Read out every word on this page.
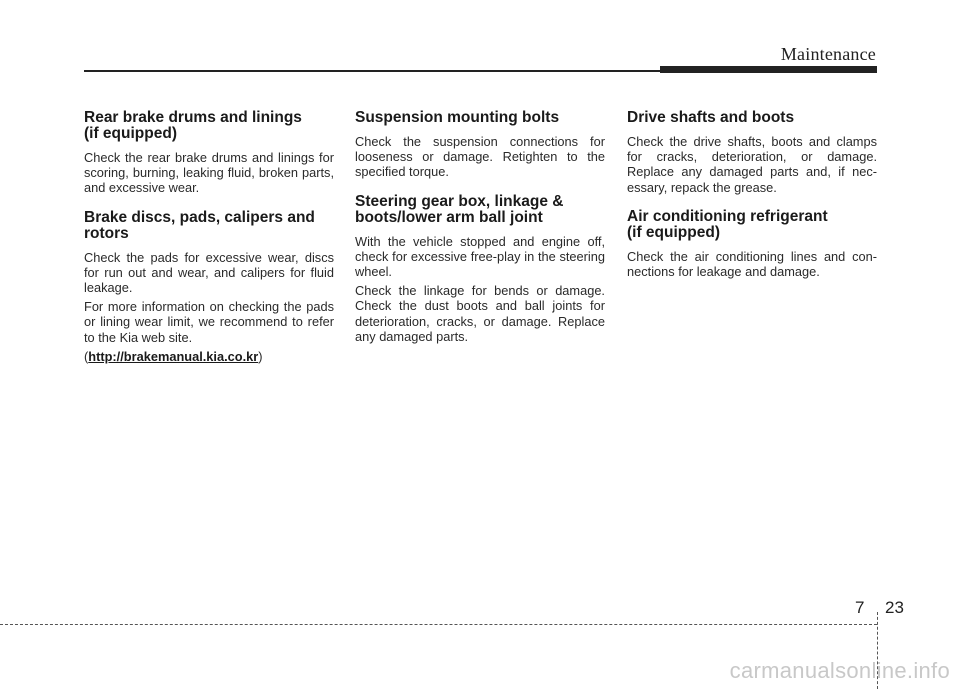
Maintenance
Rear brake drums and linings
(if equipped)

Check the rear brake drums and linings for scoring, burning, leaking fluid, broken parts, and excessive wear.

Brake discs, pads, calipers and
rotors

Check the pads for excessive wear, discs for run out and wear, and calipers for fluid leakage.

For more information on checking the pads or lining wear limit, we recommend to refer to the Kia web site.

(http://brakemanual.kia.co.kr)

Suspension mounting bolts

Check the suspension connections for looseness or damage. Retighten to the specified torque.

Steering gear box, linkage &
boots/lower arm ball joint

With the vehicle stopped and engine off, check for excessive free-play in the steering wheel.

Check the linkage for bends or damage. Check the dust boots and ball joints for deterioration, cracks, or damage. Replace any damaged parts.

Drive shafts and boots

Check the drive shafts, boots and clamps for cracks, deterioration, or damage. Replace any damaged parts and, if nec-essary, repack the grease.

Air conditioning refrigerant
(if equipped)

Check the air conditioning lines and con-nections for leakage and damage.

7 23
carmanualsonline.info
